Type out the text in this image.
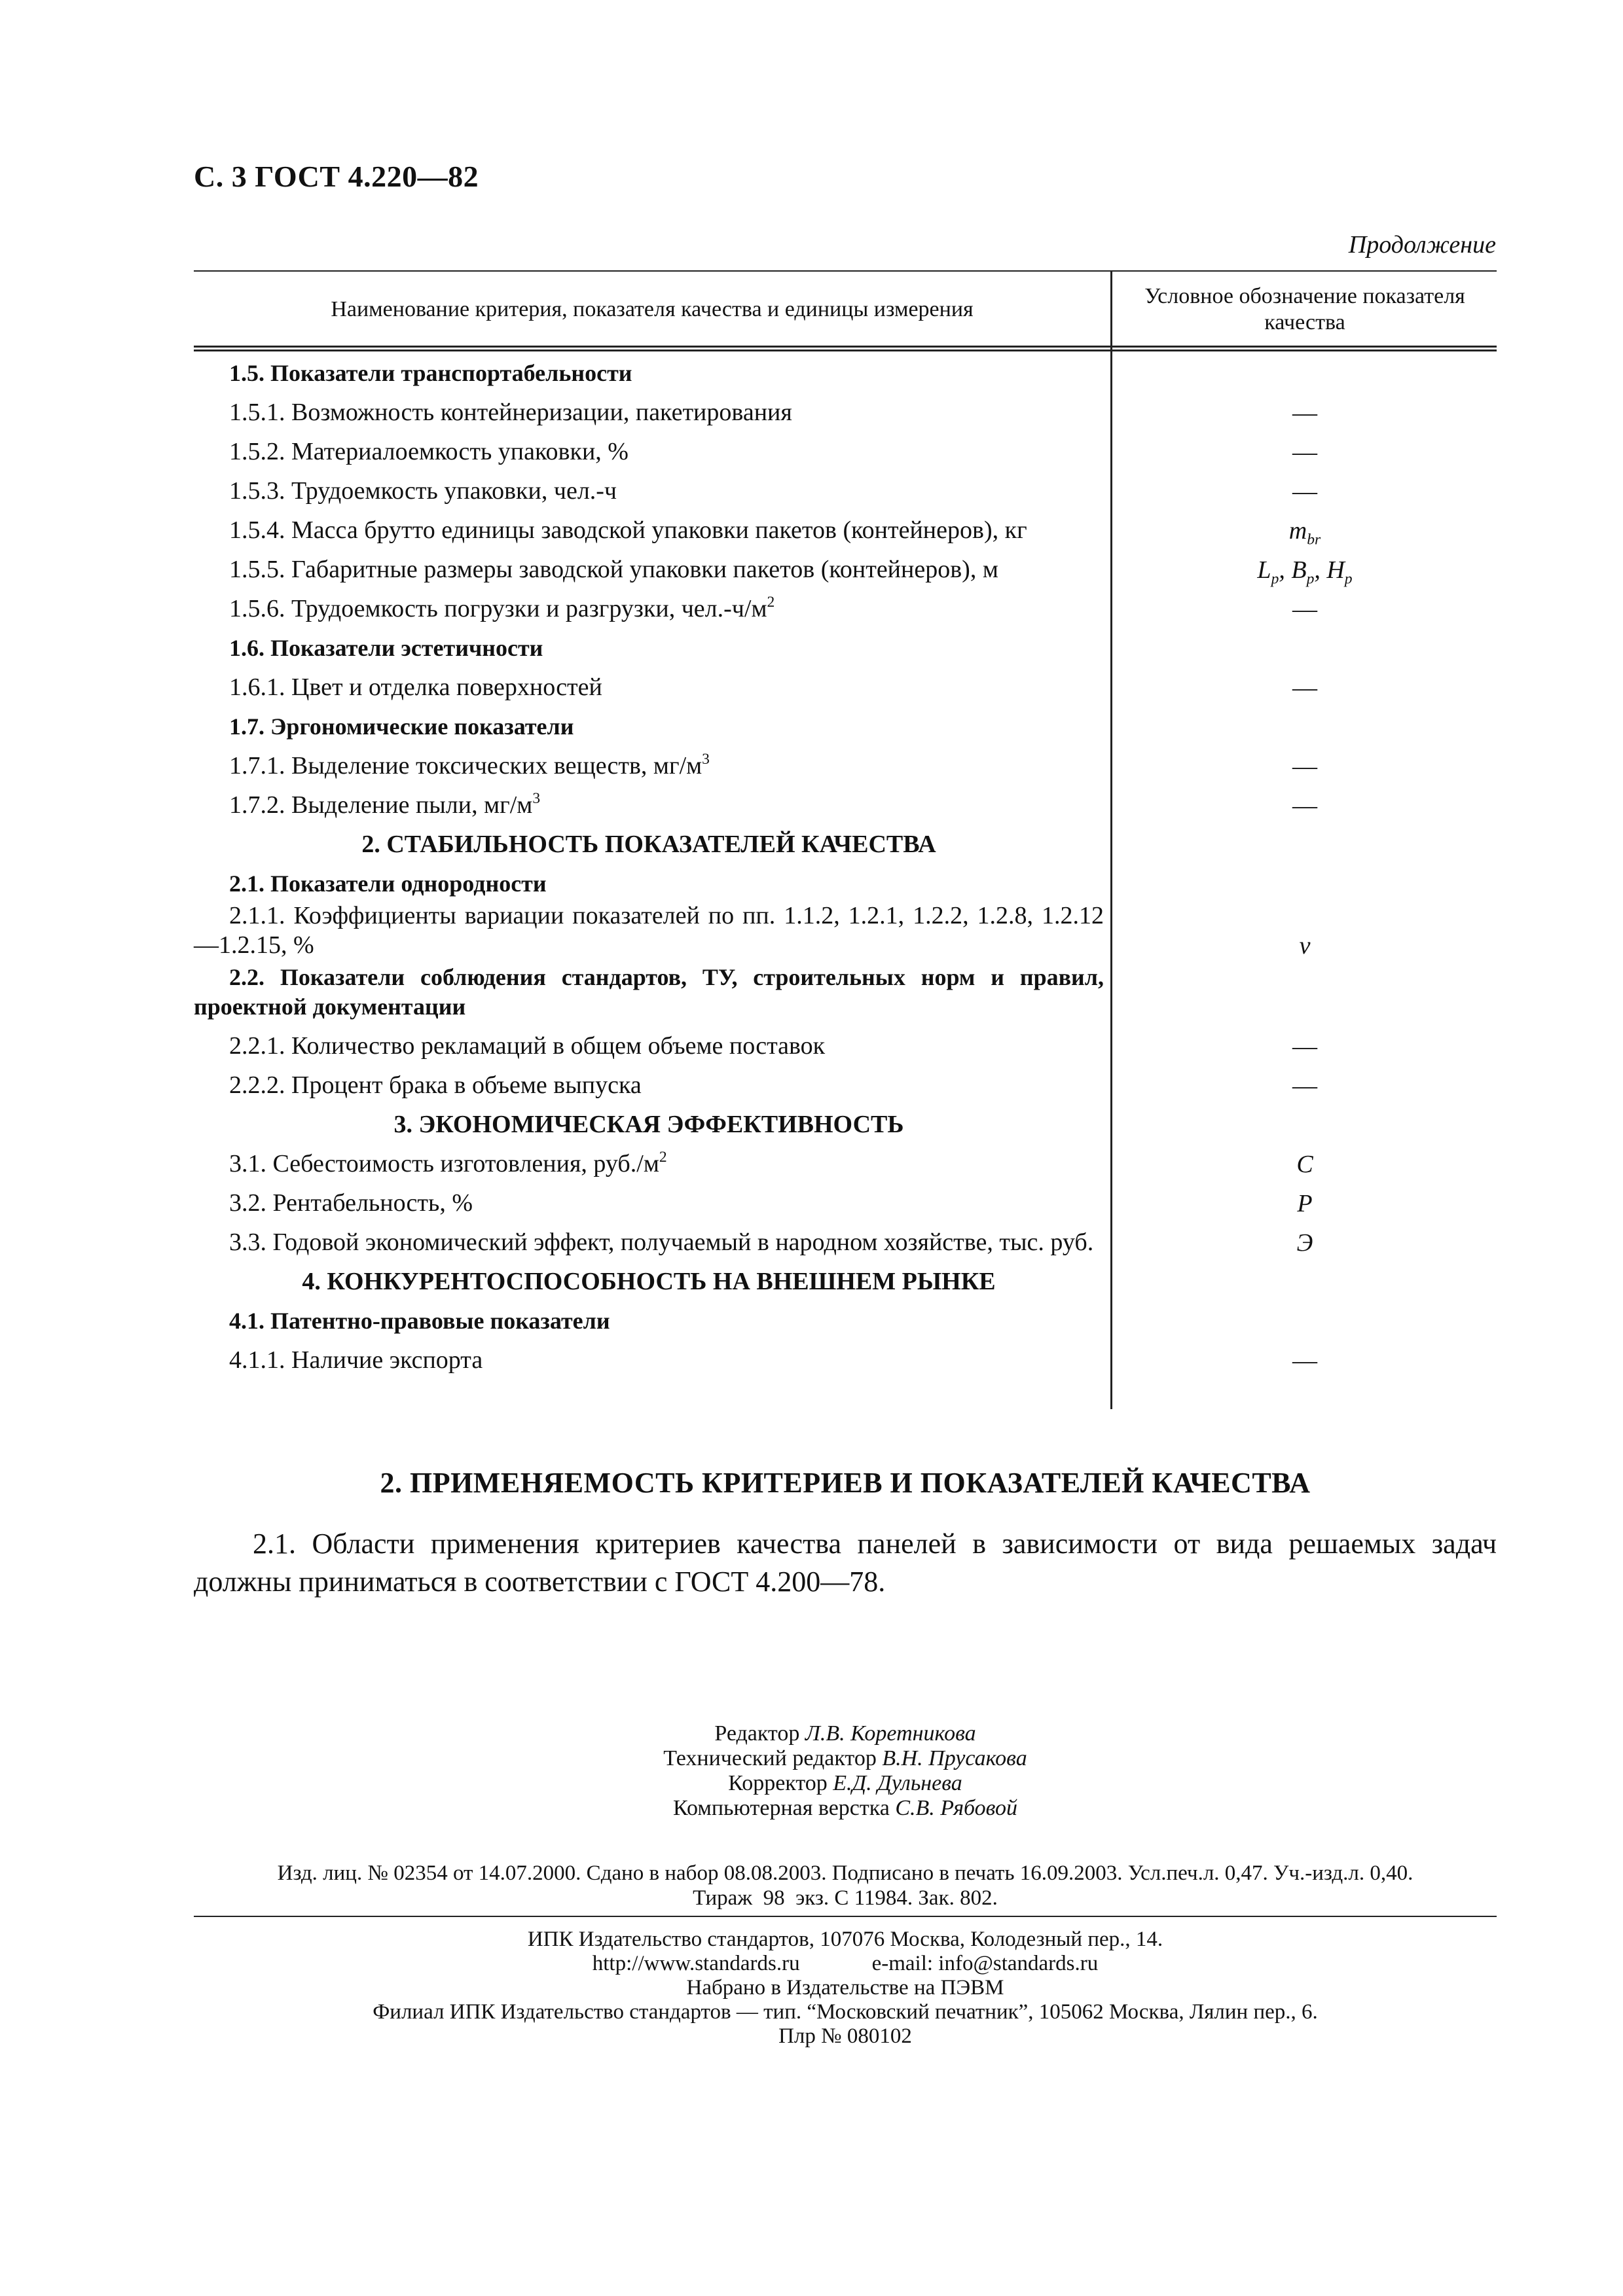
С. 3 ГОСТ 4.220—82
Продолжение
Наименование критерия, показателя качества и единицы измерения
Условное обозначение показателя
качества
1.5. Показатели транспортабельности
1.5.1. Возможность контейнеризации, пакетирования	—
1.5.2. Материалоемкость упаковки, %	—
1.5.3. Трудоемкость упаковки, чел.-ч	—
1.5.4. Масса брутто единицы заводской упаковки пакетов (контейнеров), кг	$m_{br}$
1.5.5. Габаритные размеры заводской упаковки пакетов (контейнеров), м	$L_p$, $B_p$, $H_p$
1.5.6. Трудоемкость погрузки и разгрузки, $чел.-ч/м^2$	—
1.6. Показатели эстетичности
1.6.1. Цвет и отделка поверхностей	—
1.7. Эргономические показатели
1.7.1. Выделение токсических веществ, $мг/м^3$	—
1.7.2. Выделение пыли, $мг/м^3$	—
2. СТАБИЛЬНОСТЬ ПОКАЗАТЕЛЕЙ КАЧЕСТВА
2.1. Показатели однородности
2.1.1. Коэффициенты вариации показателей по пп. 1.1.2, 1.2.1, 1.2.2, 1.2.8, 1.2.12—1.2.15, %	v
2.2. Показатели соблюдения стандартов, ТУ, строительных норм и правил, проектной документации
2.2.1. Количество рекламаций в общем объеме поставок	—
2.2.2. Процент брака в объеме выпуска	—
3. ЭКОНОМИЧЕСКАЯ ЭФФЕКТИВНОСТЬ
3.1. Себестоимость изготовления, $руб./м^2$	С
3.2. Рентабельность, %	Р
3.3. Годовой экономический эффект, получаемый в народном хозяйстве, тыс. руб.	Э
4. КОНКУРЕНТОСПОСОБНОСТЬ НА ВНЕШНЕМ РЫНКЕ
4.1. Патентно-правовые показатели
4.1.1. Наличие экспорта	—
2. ПРИМЕНЯЕМОСТЬ КРИТЕРИЕВ И ПОКАЗАТЕЛЕЙ КАЧЕСТВА
2.1. Области применения критериев качества панелей в зависимости от вида решаемых задач должны приниматься в соответствии с ГОСТ 4.200—78.
Редактор Л.В. Коретникова
Технический редактор В.Н. Прусакова
Корректор Е.Д. Дульнева
Компьютерная верстка С.В. Рябовой
Изд. лиц. № 02354 от 14.07.2000. Сдано в набор 08.08.2003. Подписано в печать 16.09.2003. Усл.печ.л. 0,47. Уч.-изд.л. 0,40.
Тираж  98  экз. С 11984. Зак. 802.
ИПК Издательство стандартов, 107076 Москва, Колодезный пер., 14.
http://www.standards.ru	e-mail: info@standards.ru
Набрано в Издательстве на ПЭВМ
Филиал ИПК Издательство стандартов — тип. “Московский печатник”, 105062 Москва, Лялин пер., 6.
Плр № 080102
